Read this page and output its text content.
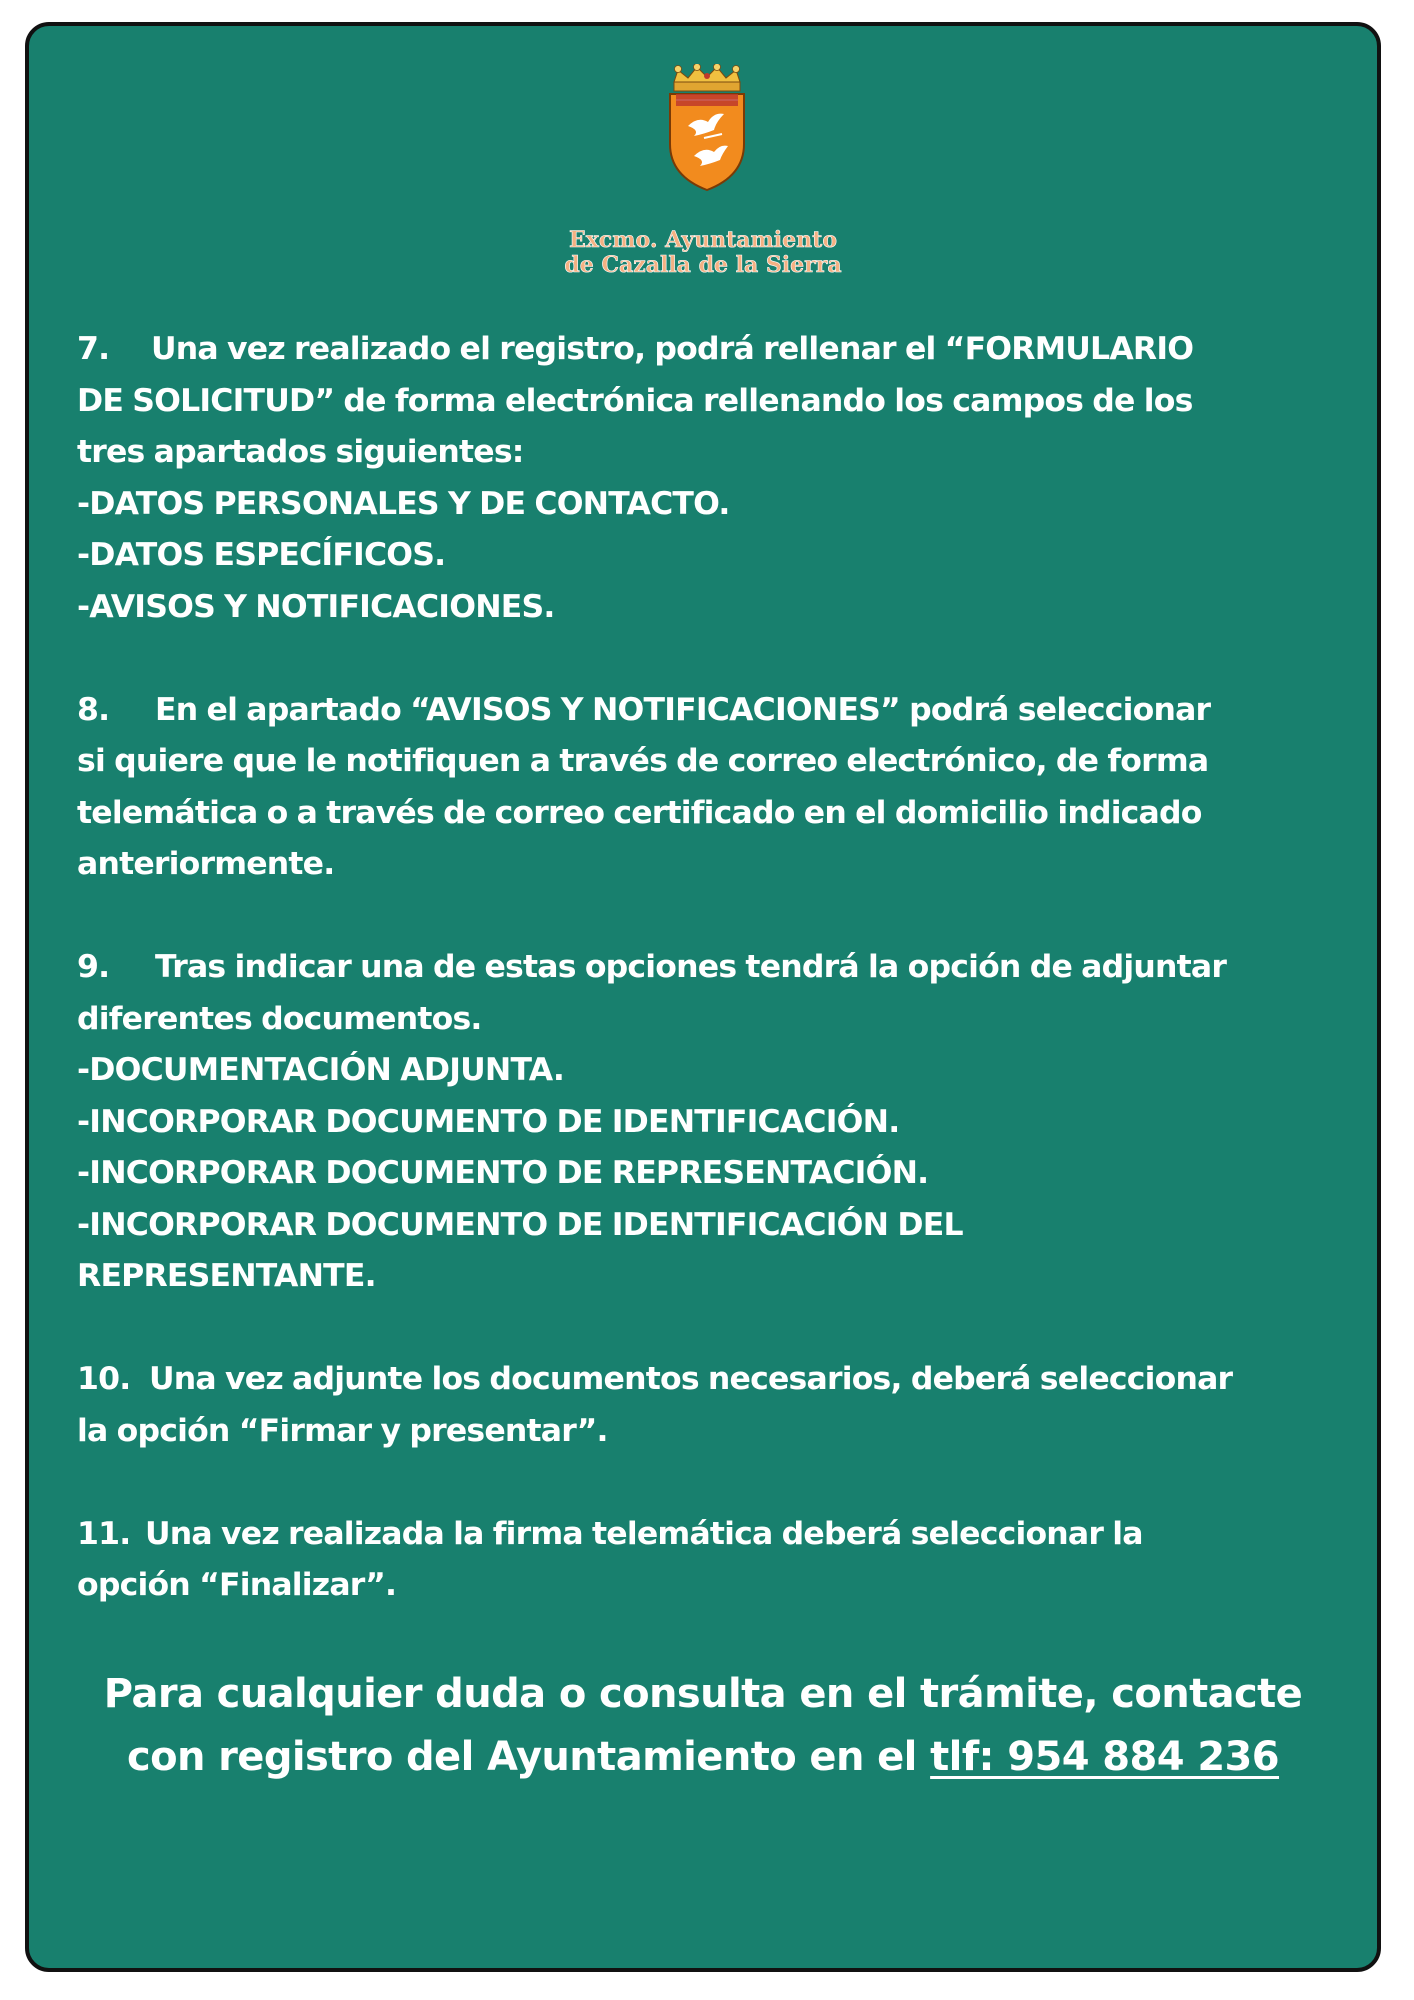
Excmo. Ayuntamiento
de Cazalla de la Sierra

7. Una vez realizado el registro, podrá rellenar el “FORMULARIO

DE SOLICITUD” de forma electrónica rellenando los campos de los

tres apartados siguientes:

-DATOS PERSONALES Y DE CONTACTO.

-DATOS ESPECÍFICOS.

-AVISOS Y NOTIFICACIONES.

8. En el apartado “AVISOS Y NOTIFICACIONES” podrá seleccionar

si quiere que le notifiquen a través de correo electrónico, de forma

telemática o a través de correo certificado en el domicilio indicado

anteriormente.

9. Tras indicar una de estas opciones tendrá la opción de adjuntar

diferentes documentos.

-DOCUMENTACIÓN ADJUNTA.

-INCORPORAR DOCUMENTO DE IDENTIFICACIÓN.

-INCORPORAR DOCUMENTO DE REPRESENTACIÓN.

-INCORPORAR DOCUMENTO DE IDENTIFICACIÓN DEL

REPRESENTANTE.

10. Una vez adjunte los documentos necesarios, deberá seleccionar

la opción “Firmar y presentar”.

11. Una vez realizada la firma telemática deberá seleccionar la

opción “Finalizar”.

Para cualquier duda o consulta en el trámite, contacte

con registro del Ayuntamiento en el tlf: 954 884 236
